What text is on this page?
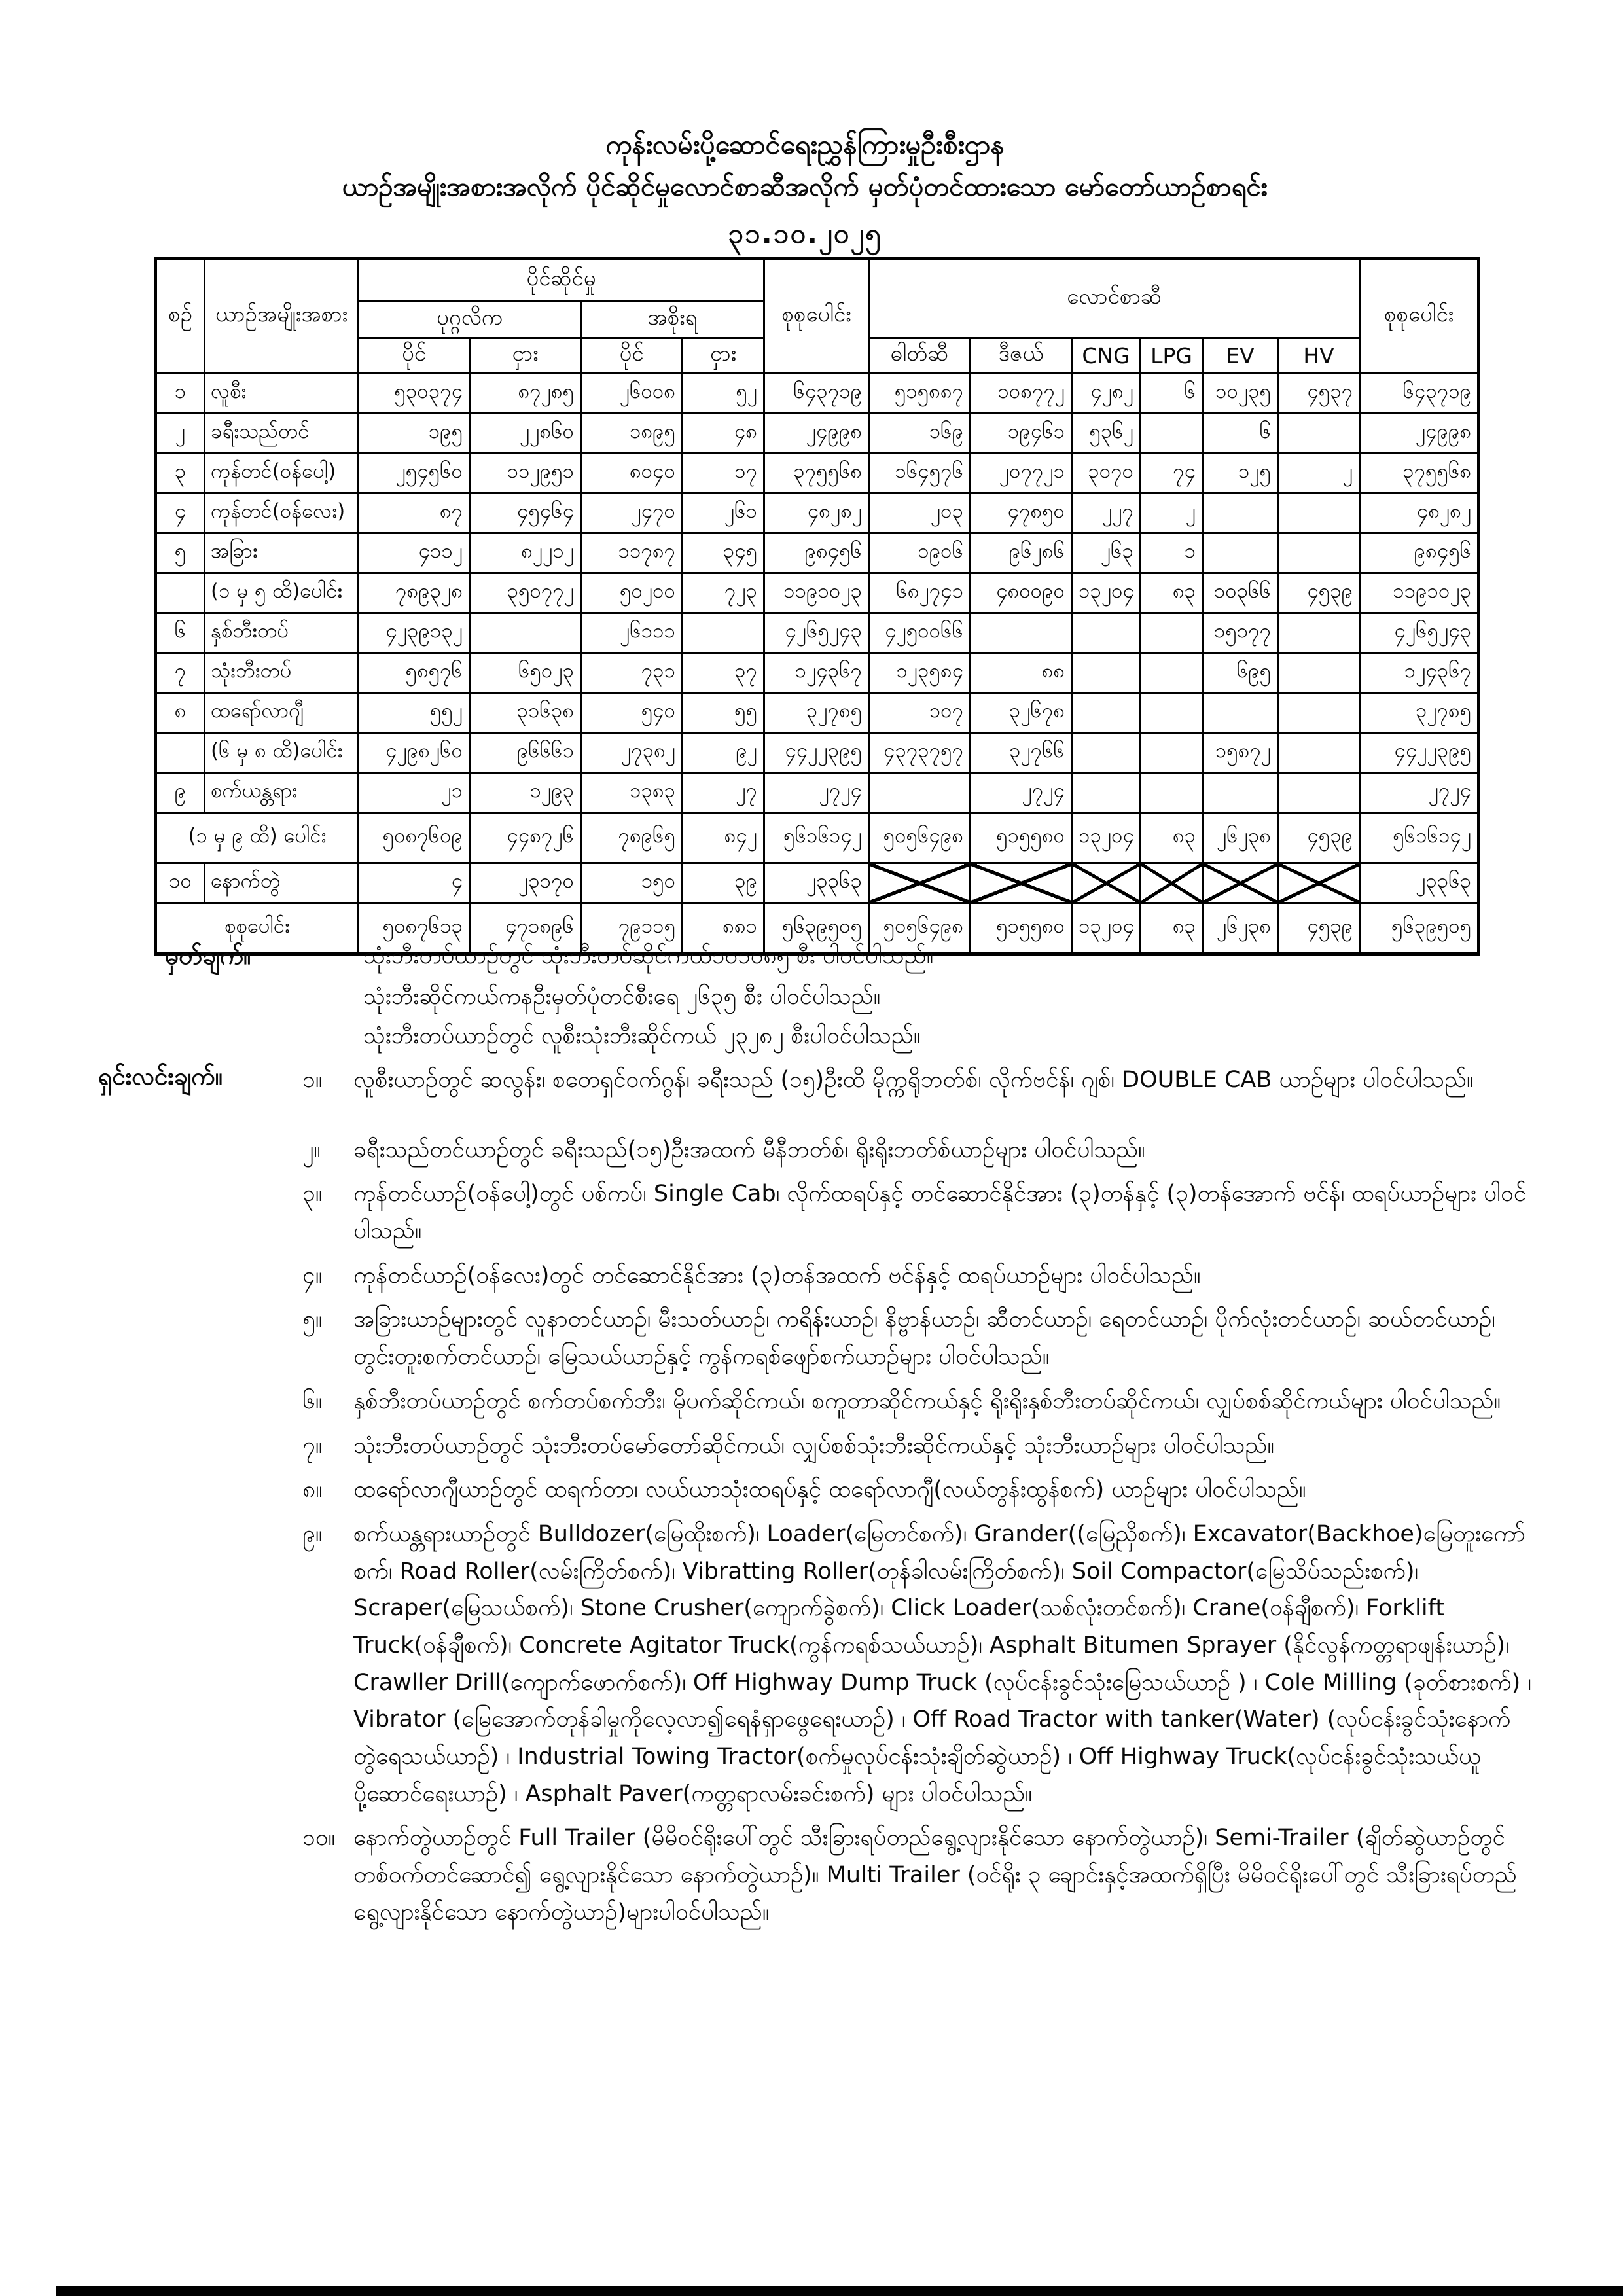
ကုန်းလမ်းပို့ဆောင်ရေးညွှန်ကြားမှုဦးစီးဌာန
ယာဉ်အမျိုးအစားအလိုက် ပိုင်ဆိုင်မှုလောင်စာဆီအလိုက် မှတ်ပုံတင်ထားသော မော်တော်ယာဉ်စာရင်း
၃၁.၁၀.၂၀၂၅
စဉ်	ယာဉ်အမျိုးအစား	ပိုင်ဆိုင်မှု				စုစုပေါင်း	လောင်စာဆီ						စုစုပေါင်း
		ပုဂ္ဂလိက		အစိုးရ									
		ပိုင်	ငှား	ပိုင်	ငှား		ဓါတ်ဆီ	ဒီဇယ်	CNG	LPG	EV	HV	
၁	လူစီး	၅၃၀၃၇၄	၈၇၂၈၅	၂၆၀၀၈	၅၂	၆၄၃၇၁၉	၅၁၅၈၈၇	၁၀၈၇၇၂	၄၂၈၂	၆	၁၀၂၃၅	၄၅၃၇	၆၄၃၇၁၉
၂	ခရီးသည်တင်	၁၉၅	၂၂၈၆၀	၁၈၉၅	၄၈	၂၄၉၉၈	၁၆၉	၁၉၄၆၁	၅၃၆၂		၆		၂၄၉၉၈
၃	ကုန်တင်(ဝန်ပေါ့)	၂၅၄၅၆၀	၁၁၂၉၅၁	၈၀၄၀	၁၇	၃၇၅၅၆၈	၁၆၄၅၇၆	၂၀၇၇၂၁	၃၀၇၀	၇၄	၁၂၅	၂	၃၇၅၅၆၈
၄	ကုန်တင်(ဝန်လေး)	၈၇	၄၅၄၆၄	၂၄၇၀	၂၆၁	၄၈၂၈၂	၂၀၃	၄၇၈၅၀	၂၂၇	၂			၄၈၂၈၂
၅	အခြား	၄၁၁၂	၈၂၂၁၂	၁၁၇၈၇	၃၄၅	၉၈၄၅၆	၁၉၀၆	၉၆၂၈၆	၂၆၃	၁			၉၈၄၅၆
	(၁ မှ ၅ ထိ)ပေါင်း	၇၈၉၃၂၈	၃၅၀၇၇၂	၅၀၂၀၀	၇၂၃	၁၁၉၁၀၂၃	၆၈၂၇၄၁	၄၈၀၀၉၀	၁၃၂၀၄	၈၃	၁၀၃၆၆	၄၅၃၉	၁၁၉၁၀၂၃
၆	နှစ်ဘီးတပ်	၄၂၃၉၁၃၂		၂၆၁၁၁		၄၂၆၅၂၄၃	၄၂၅၀၀၆၆				၁၅၁၇၇		၄၂၆၅၂၄၃
၇	သုံးဘီးတပ်	၅၈၅၇၆	၆၅၀၂၃	၇၃၁	၃၇	၁၂၄၃၆၇	၁၂၃၅၈၄	၈၈			၆၉၅		၁၂၄၃၆၇
၈	ထရော်လာဂျီ	၅၅၂	၃၁၆၃၈	၅၄၀	၅၅	၃၂၇၈၅	၁၀၇	၃၂၆၇၈					၃၂၇၈၅
	(၆ မှ ၈ ထိ)ပေါင်း	၄၂၉၈၂၆၀	၉၆၆၆၁	၂၇၃၈၂	၉၂	၄၄၂၂၃၉၅	၄၃၇၃၇၅၇	၃၂၇၆၆			၁၅၈၇၂		၄၄၂၂၃၉၅
၉	စက်ယန္တရား	၂၁	၁၂၉၃	၁၃၈၃	၂၇	၂၇၂၄		၂၇၂၄					၂၇၂၄
(၁ မှ ၉ ထိ) ပေါင်း		၅၀၈၇၆၀၉	၄၄၈၇၂၆	၇၈၉၆၅	၈၄၂	၅၆၁၆၁၄၂	၅၀၅၆၄၉၈	၅၁၅၅၈၀	၁၃၂၀၄	၈၃	၂၆၂၃၈	၄၅၃၉	၅၆၁၆၁၄၂
၁၀	နောက်တွဲ	၄	၂၃၁၇၀	၁၅၀	၃၉	၂၃၃၆၃							၂၃၃၆၃
စုစုပေါင်း		၅၀၈၇၆၁၃	၄၇၁၈၉၆	၇၉၁၁၅	၈၈၁	၅၆၃၉၅၀၅	၅၀၅၆၄၉၈	၅၁၅၅၈၀	၁၃၂၀၄	၈၃	၂၆၂၃၈	၄၅၃၉	၅၆၃၉၅၀၅
မှတ်ချက်။	သုံးဘီးတပ်ယာဉ်တွင် သုံးဘီးတပ်ဆိုင်ကယ်၁၀၁၀၈၅ စီး ပါဝင်ပါသည်။
သုံးဘီးဆိုင်ကယ်ကနဦးမှတ်ပုံတင်စီးရေ ၂၆၃၅ စီး ပါဝင်ပါသည်။
သုံးဘီးတပ်ယာဉ်တွင် လူစီးသုံးဘီးဆိုင်ကယ် ၂၃၂၈၂ စီးပါဝင်ပါသည်။
ရှင်းလင်းချက်။	၁။	လူစီးယာဉ်တွင် ဆလွန်း၊ စတေရှင်ဝက်ဂွန်၊ ခရီးသည် (၁၅)ဦးထိ မိုက္ကရိုဘတ်စ်၊ လိုက်ဗင်န်၊ ဂျစ်၊ DOUBLE CAB ယာဉ်များ ပါဝင်ပါသည်။
၂။	ခရီးသည်တင်ယာဉ်တွင် ခရီးသည်(၁၅)ဦးအထက် မီနီဘတ်စ်၊ ရိုးရိုးဘတ်စ်ယာဉ်များ ပါဝင်ပါသည်။
၃။	ကုန်တင်ယာဉ်(ဝန်ပေါ့)တွင် ပစ်ကပ်၊ Single Cab၊ လိုက်ထရပ်နှင့် တင်ဆောင်နိုင်အား (၃)တန်နှင့် (၃)တန်အောက် ဗင်န်၊ ထရပ်ယာဉ်များ ပါဝင်ပါသည်။
၄။	ကုန်တင်ယာဉ်(ဝန်လေး)တွင် တင်ဆောင်နိုင်အား (၃)တန်အထက် ဗင်န်နှင့် ထရပ်ယာဉ်များ ပါဝင်ပါသည်။
၅။	အခြားယာဉ်များတွင် လူနာတင်ယာဉ်၊ မီးသတ်ယာဉ်၊ ကရိန်းယာဉ်၊ နိဗ္ဗာန်ယာဉ်၊ ဆီတင်ယာဉ်၊ ရေတင်ယာဉ်၊ ပိုက်လုံးတင်ယာဉ်၊ ဆယ်တင်ယာဉ်၊ တွင်းတူးစက်တင်ယာဉ်၊ မြေသယ်ယာဉ်နှင့် ကွန်ကရစ်ဖျော်စက်ယာဉ်များ ပါဝင်ပါသည်။
၆။	နှစ်ဘီးတပ်ယာဉ်တွင် စက်တပ်စက်ဘီး၊ မိုပက်ဆိုင်ကယ်၊ စကူတာဆိုင်ကယ်နှင့် ရိုးရိုးနှစ်ဘီးတပ်ဆိုင်ကယ်၊ လျှပ်စစ်ဆိုင်ကယ်များ ပါဝင်ပါသည်။
၇။	သုံးဘီးတပ်ယာဉ်တွင် သုံးဘီးတပ်မော်တော်ဆိုင်ကယ်၊ လျှပ်စစ်သုံးဘီးဆိုင်ကယ်နှင့် သုံးဘီးယာဉ်များ ပါဝင်ပါသည်။
၈။	ထရော်လာဂျီယာဉ်တွင် ထရက်တာ၊ လယ်ယာသုံးထရပ်နှင့် ထရော်လာဂျီ(လယ်တွန်းထွန်စက်) ယာဉ်များ ပါဝင်ပါသည်။
၉။	စက်ယန္တရားယာဉ်တွင် Bulldozer(မြေထိုးစက်)၊ Loader(မြေတင်စက်)၊ Grander((မြေညှိစက်)၊ Excavator(Backhoe)မြေတူးကော်စက်၊ Road Roller(လမ်းကြိတ်စက်)၊ Vibratting Roller(တုန်ခါလမ်းကြိတ်စက်)၊ Soil Compactor(မြေသိပ်သည်းစက်)၊ Scraper(မြေသယ်စက်)၊ Stone Crusher(ကျောက်ခွဲစက်)၊ Click Loader(သစ်လုံးတင်စက်)၊ Crane(ဝန်ချီစက်)၊ Forklift Truck(ဝန်ချီစက်)၊ Concrete Agitator Truck(ကွန်ကရစ်သယ်ယာဉ်)၊ Asphalt Bitumen Sprayer (နိုင်လွန်ကတ္တရာဖျန်းယာဉ်)၊Crawller Drill(ကျောက်ဖောက်စက်)၊ Off Highway Dump Truck (လုပ်ငန်းခွင်သုံးမြေသယ်ယာဉ် ) ၊ Cole Milling (ခုတ်စားစက်) ၊ Vibrator (မြေအောက်တုန်ခါမှုကိုလေ့လာ၍ရေနံရှာဖွေရေးယာဉ်) ၊ Off Road Tractor with tanker(Water) (လုပ်ငန်းခွင်သုံးနောက်တွဲရေသယ်ယာဉ်) ၊ Industrial Towing Tractor(စက်မှုလုပ်ငန်းသုံးချိတ်ဆွဲယာဉ်) ၊ Off Highway Truck(လုပ်ငန်းခွင်သုံးသယ်ယူပို့ဆောင်ရေးယာဉ်) ၊ Asphalt Paver(ကတ္တရာလမ်းခင်းစက်) များ ပါဝင်ပါသည်။
၁၀။ နောက်တွဲယာဉ်တွင် Full Trailer (မိမိဝင်ရိုးပေါ်တွင် သီးခြားရပ်တည်ရွေ့လျားနိုင်သော နောက်တွဲယာဉ်)၊ Semi-Trailer (ချိတ်ဆွဲယာဉ်တွင် တစ်ဝက်တင်ဆောင်၍ ရွေ့လျားနိုင်သော နောက်တွဲယာဉ်)။ Multi Trailer (ဝင်ရိုး ၃ ချောင်းနှင့်အထက်ရှိပြီး မိမိဝင်ရိုးပေါ်တွင် သီးခြားရပ်တည်ရွေ့လျားနိုင်သော နောက်တွဲယာဉ်)များပါဝင်ပါသည်။
